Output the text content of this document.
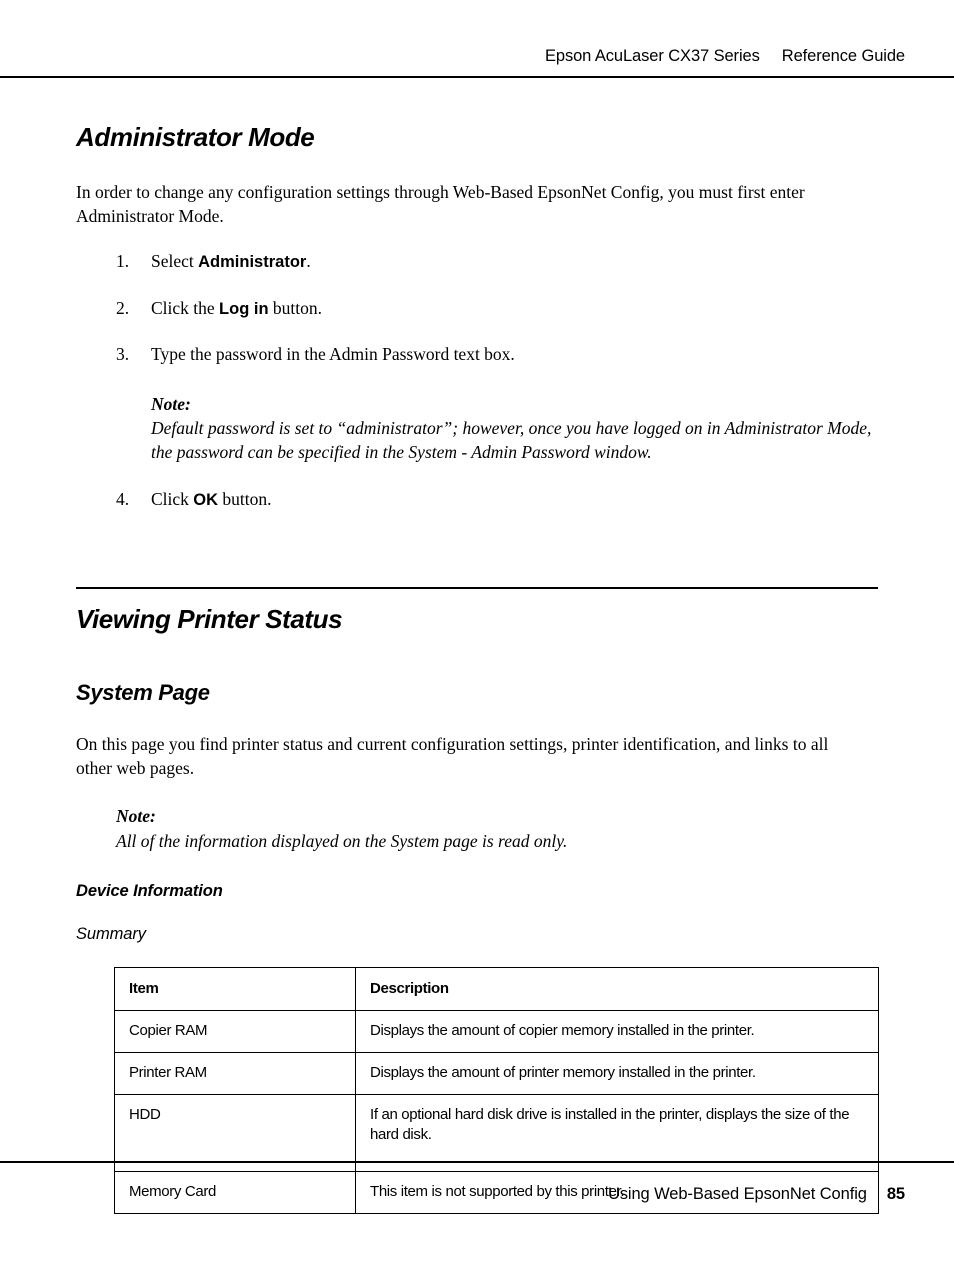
Epson AcuLaser CX37 Series Reference Guide
Administrator Mode

In order to change any configuration settings through Web-Based EpsonNet Config, you must first enter Administrator Mode.

1.	Select Administrator.
2.	Click the Log in button.
3.	Type the password in the Admin Password text box.
Note:
Default password is set to “administrator”; however, once you have logged on in Administrator Mode, the password can be specified in the System - Admin Password window.
4.	Click OK button.
Viewing Printer Status
System Page

On this page you find printer status and current configuration settings, printer identification, and links to all other web pages.

Note:
All of the information displayed on the System page is read only.
Device Information
Summary
Item	Description
Copier RAM	Displays the amount of copier memory installed in the printer.
Printer RAM	Displays the amount of printer memory installed in the printer.
HDD	If an optional hard disk drive is installed in the printer, displays the size of the hard disk.
Memory Card	This item is not supported by this printer.
Using Web-Based EpsonNet Config 85
